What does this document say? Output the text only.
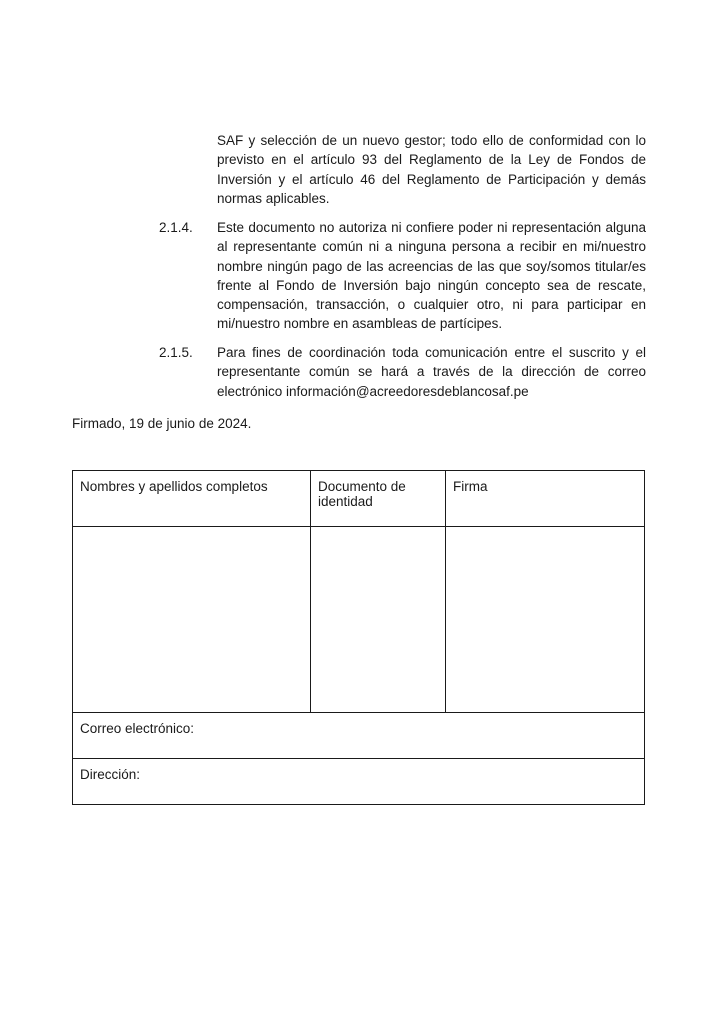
SAF y selección de un nuevo gestor; todo ello de conformidad con lo previsto en el artículo 93 del Reglamento de la Ley de Fondos de Inversión y el artículo 46 del Reglamento de Participación y demás normas aplicables.

2.1.4. Este documento no autoriza ni confiere poder ni representación alguna al representante común ni a ninguna persona a recibir en mi/nuestro nombre ningún pago de las acreencias de las que soy/somos titular/es frente al Fondo de Inversión bajo ningún concepto sea de rescate, compensación, transacción, o cualquier otro, ni para participar en mi/nuestro nombre en asambleas de partícipes.

2.1.5. Para fines de coordinación toda comunicación entre el suscrito y el representante común se hará a través de la dirección de correo electrónico información@acreedoresdeblancosaf.pe

Firmado, 19 de junio de 2024.

Nombres y apellidos completos	Documento de identidad	Firma

Correo electrónico:		
Dirección:		
